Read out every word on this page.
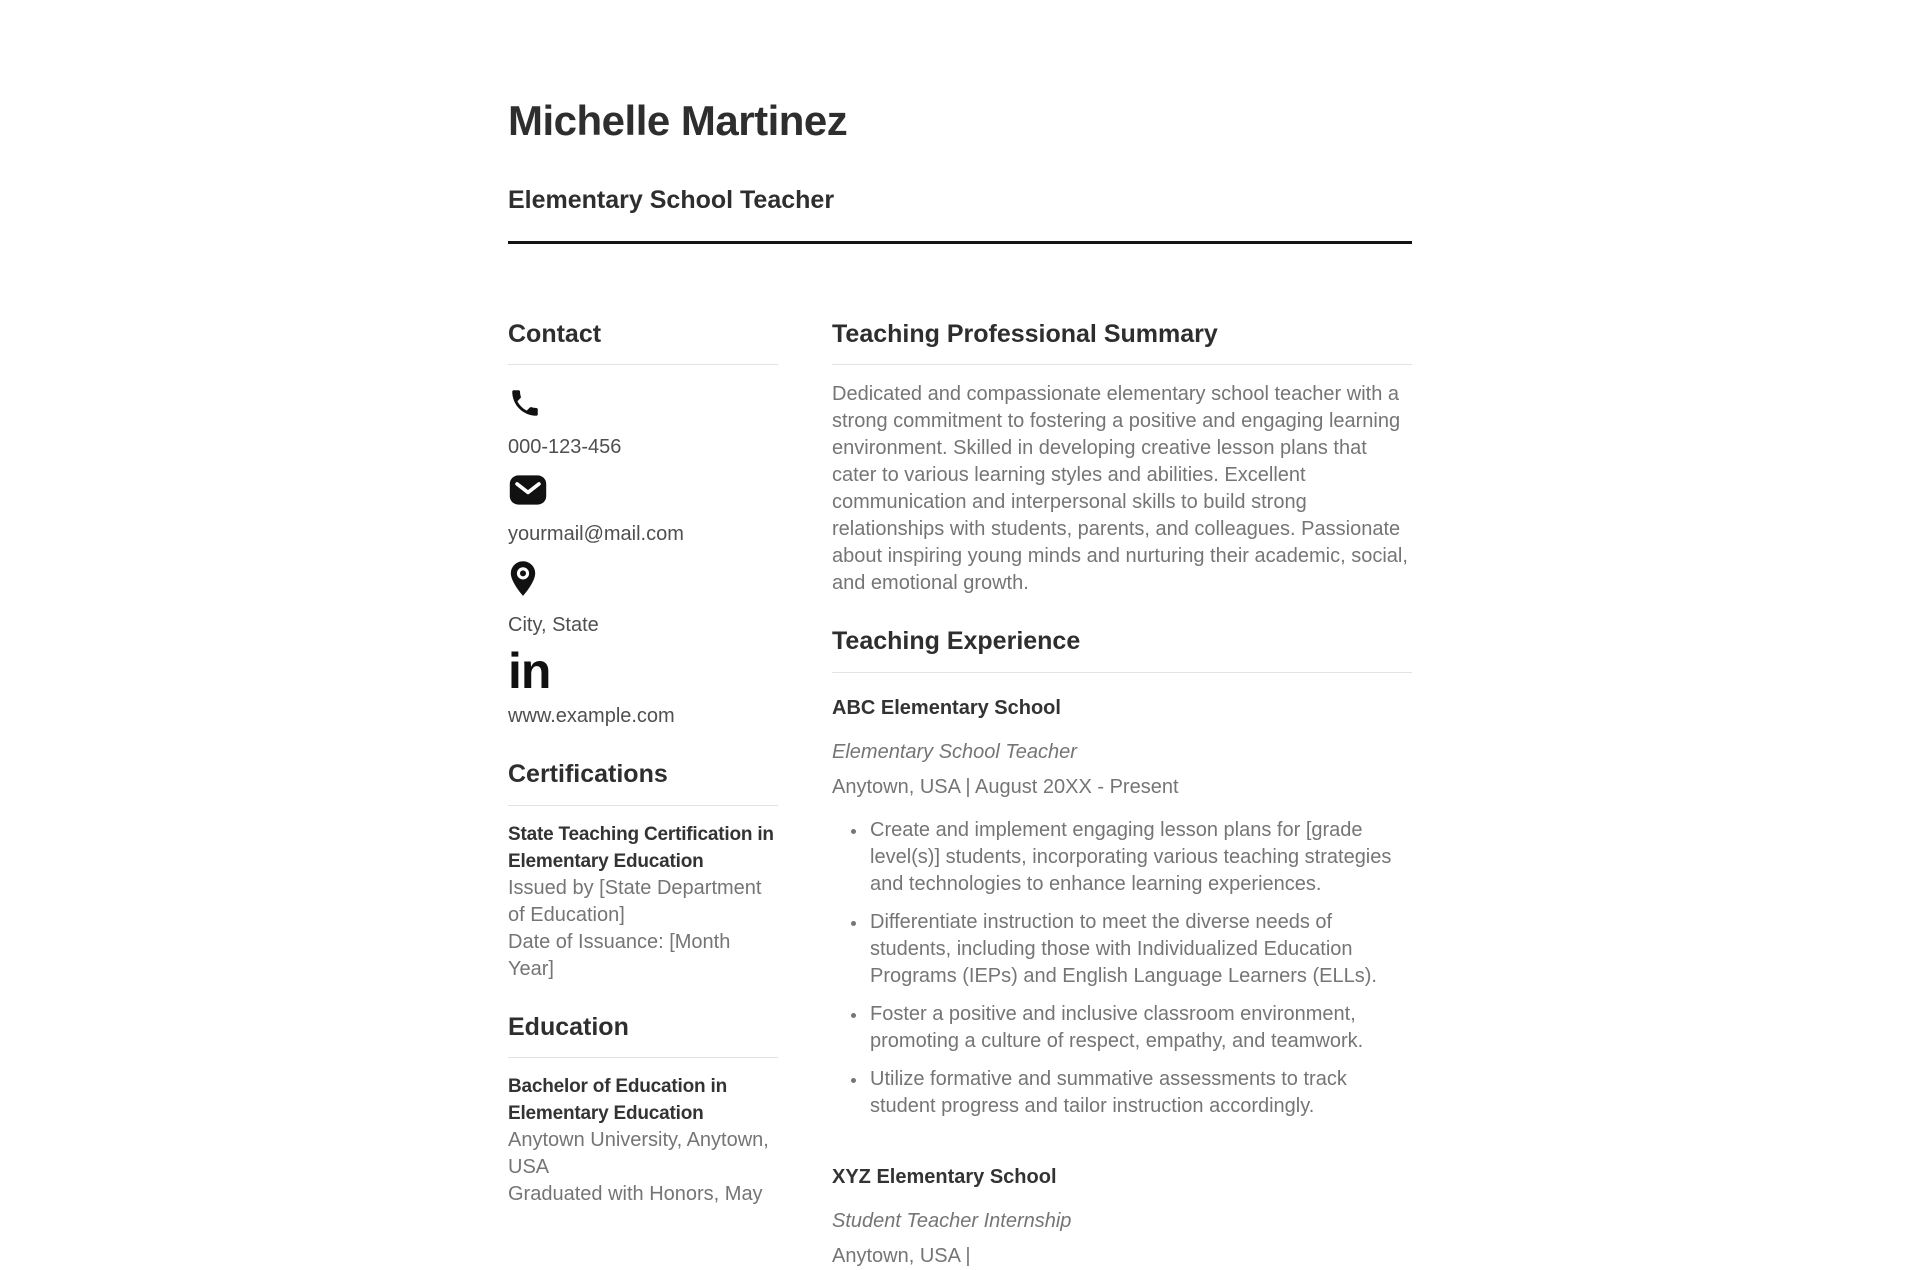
Michelle Martinez
Elementary School Teacher
Contact

000-123-456

yourmail@mail.com

City, State

in

www.example.com

Certifications

State Teaching Certification in Elementary Education

Issued by [State Department of Education]

Date of Issuance: [Month Year]

Education

Bachelor of Education in Elementary Education

Anytown University, Anytown, USA

Graduated with Honors, May

Teaching Professional Summary

Dedicated and compassionate elementary school teacher with a strong commitment to fostering a positive and engaging learning environment. Skilled in developing creative lesson plans that cater to various learning styles and abilities. Excellent communication and interpersonal skills to build strong relationships with students, parents, and colleagues. Passionate about inspiring young minds and nurturing their academic, social, and emotional growth.

Teaching Experience

ABC Elementary School

Elementary School Teacher

Anytown, USA | August 20XX - Present

• Create and implement engaging lesson plans for [grade level(s)] students, incorporating various teaching strategies and technologies to enhance learning experiences.
• Differentiate instruction to meet the diverse needs of students, including those with Individualized Education Programs (IEPs) and English Language Learners (ELLs).
• Foster a positive and inclusive classroom environment, promoting a culture of respect, empathy, and teamwork.
• Utilize formative and summative assessments to track student progress and tailor instruction accordingly.

XYZ Elementary School

Student Teacher Internship

Anytown, USA |
